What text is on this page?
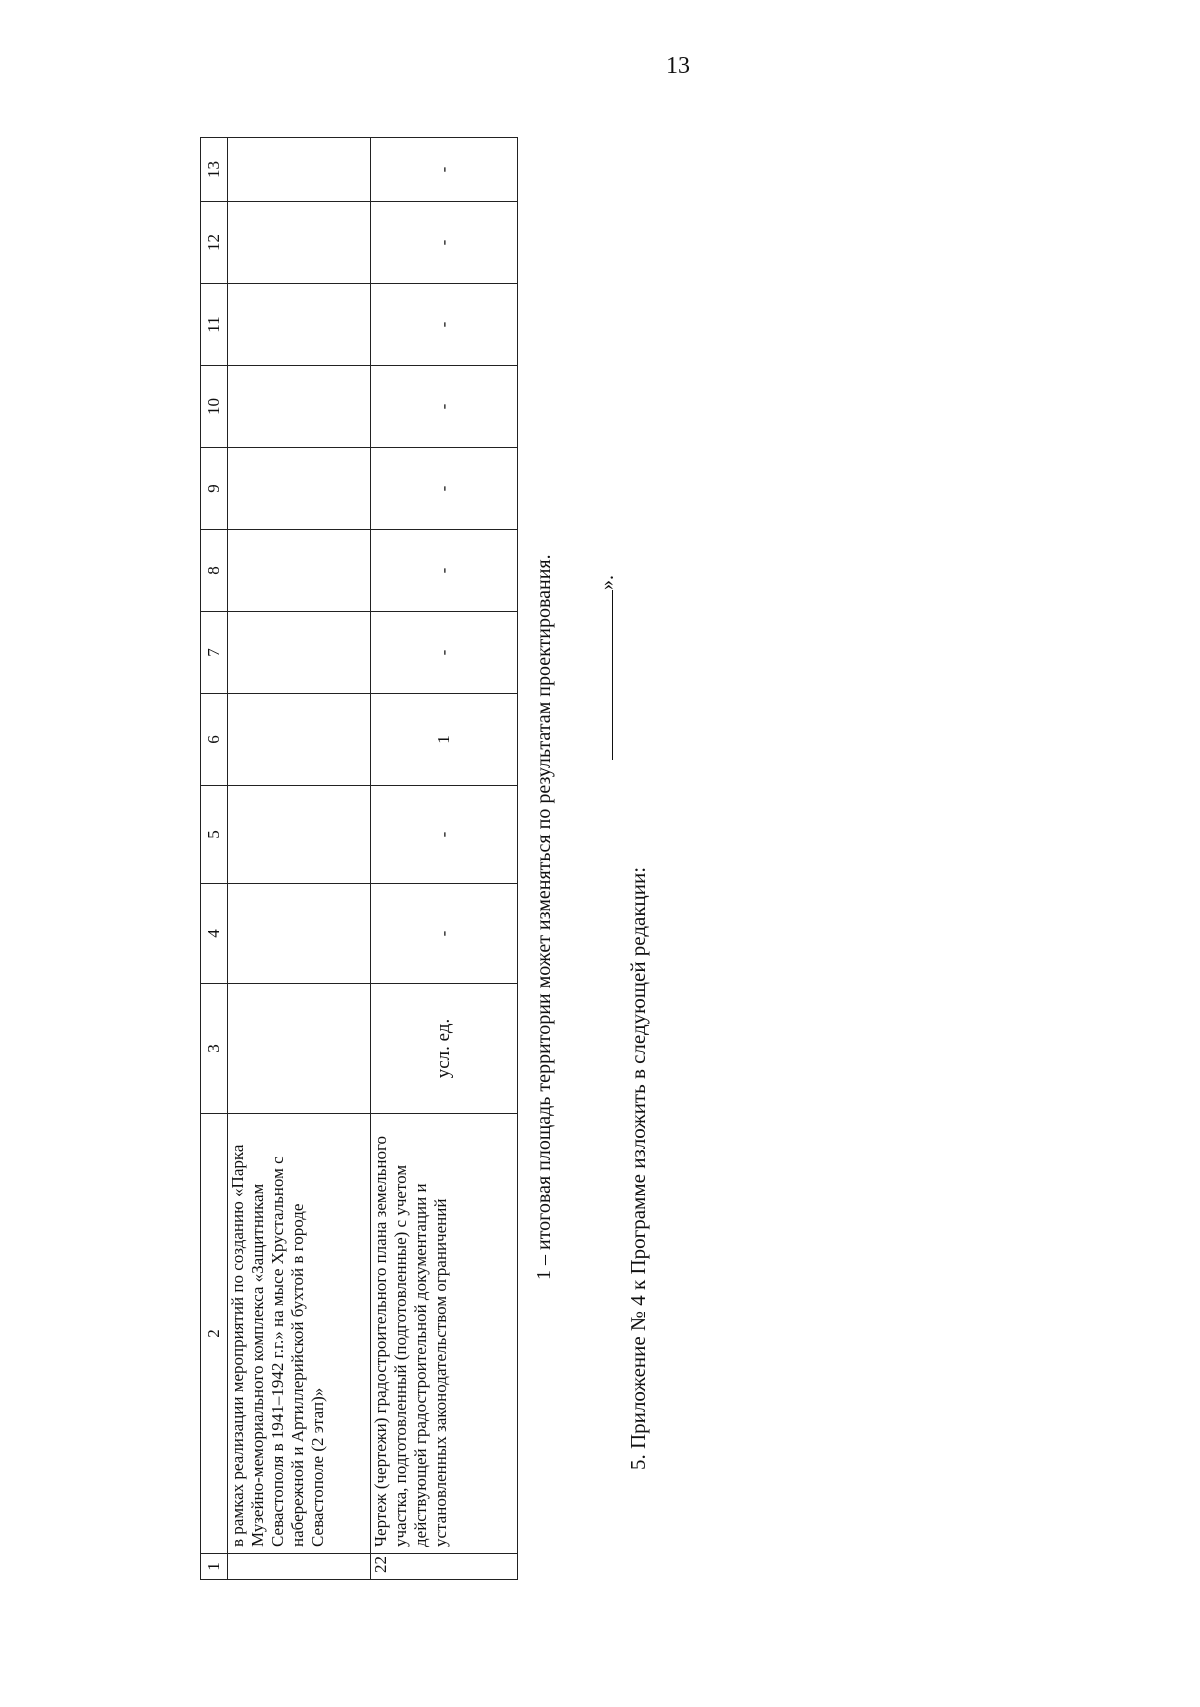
13
1	2	3	4	5	6	7	8	9	10	11	12	13
	в рамках реализации мероприятий по созданию «Парка Музейно-мемориального комплекса «Защитникам Севастополя в 1941–1942 г.г.» на мысе Хрустальном с набережной и Артиллерийской бухтой в городе Севастополе (2 этап)»											
22	Чертеж (чертежи) градостроительного плана земельного участка, подготовленный (подготовленные) с учетом действующей градостроительной документации и установленных законодательством ограничений	усл. ед.	-	-	1	-	-	-	-	-	-	-
1 – итоговая площадь территории может изменяться по результатам проектирования. ».
5. Приложение № 4 к Программе изложить в следующей редакции:
